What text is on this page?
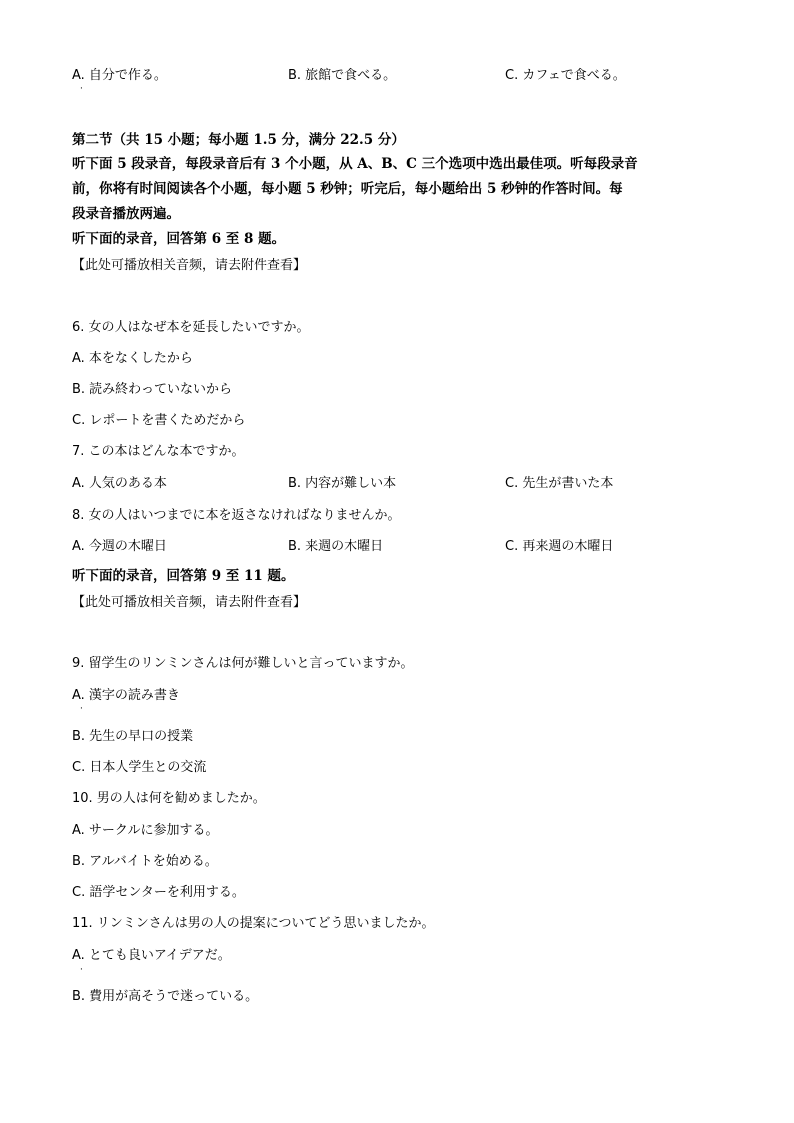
A. 自分で作る。
·
B. 旅館で食べる。	C. カフェで食べる。
第二节（共 15 小题；每小题 1.5 分，满分 22.5 分）
听下面 5 段录音，每段录音后有 3 个小题，从 A、B、C 三个选项中选出最佳项。听每段录音
前，你将有时间阅读各个小题，每小题 5 秒钟；听完后，每小题给出 5 秒钟的作答时间。每
段录音播放两遍。
听下面的录音，回答第 6 至 8 题。
【此处可播放相关音频，请去附件查看】
6. 女の人はなぜ本を延長したいですか。
A. 本をなくしたから
B. 読み終わっていないから
C. レポートを書くためだから
7. この本はどんな本ですか。
A. 人気のある本	B. 内容が難しい本	C. 先生が書いた本
8. 女の人はいつまでに本を返さなければなりませんか。
A. 今週の木曜日	B. 来週の木曜日	C. 再来週の木曜日
听下面的录音，回答第 9 至 11 题。
【此处可播放相关音频，请去附件查看】
9. 留学生のリンミンさんは何が難しいと言っていますか。
A. 漢字の読み書き
·
B. 先生の早口の授業
C. 日本人学生との交流
10. 男の人は何を勧めましたか。
A. サークルに参加する。
B. アルバイトを始める。
C. 語学センターを利用する。
11. リンミンさんは男の人の提案についてどう思いましたか。
A. とても良いアイデアだ。
·
B. 費用が高そうで迷っている。
